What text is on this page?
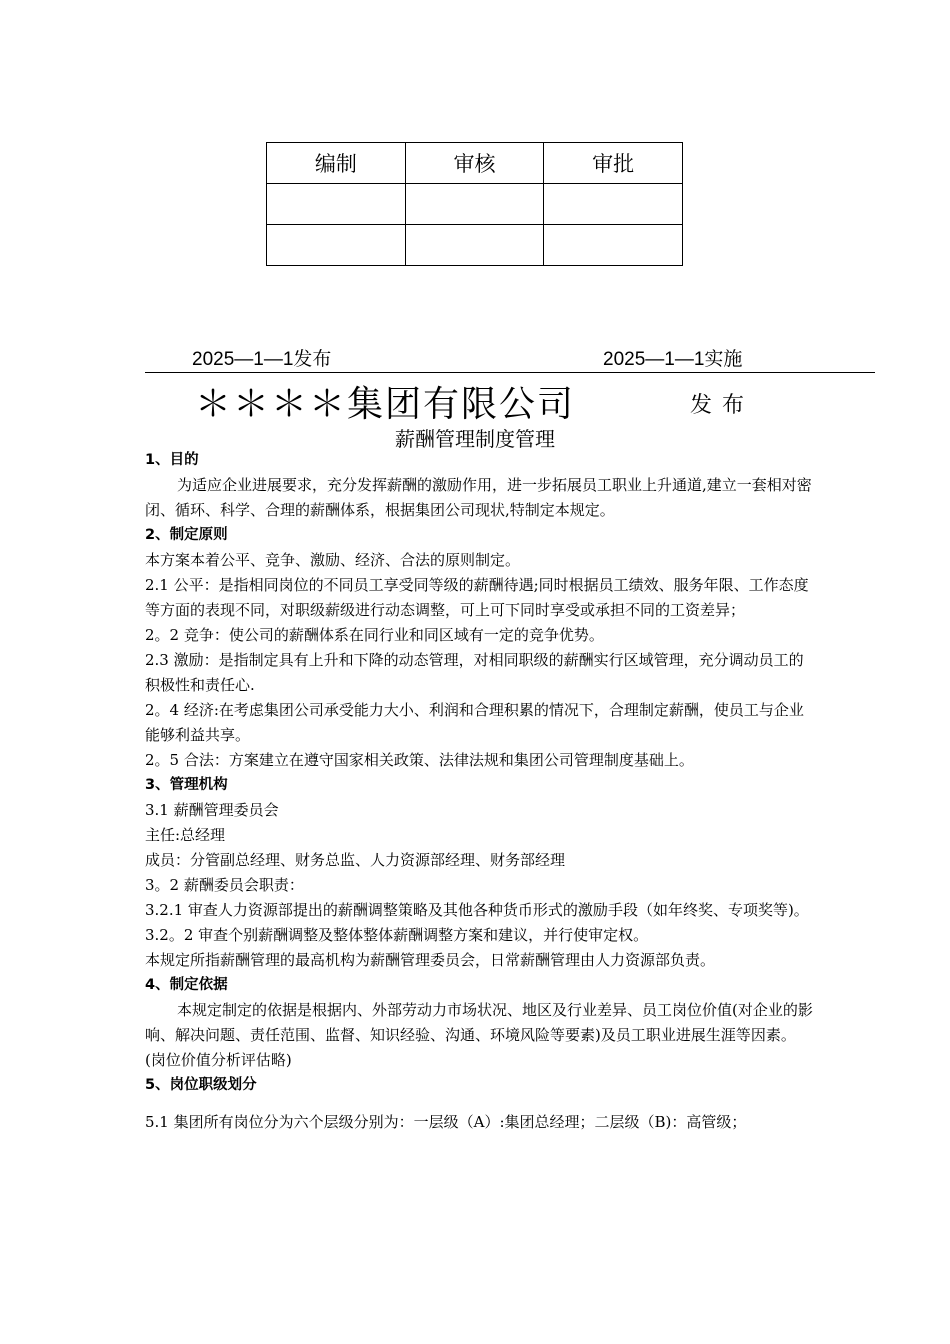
编制	审核	审批

2025—1—1发布	2025—1—1实施
＊＊＊＊集团有限公司	发布
薪酬管理制度管理

1、目的

为适应企业进展要求，充分发挥薪酬的激励作用，进一步拓展员工职业上升通道,建立一套相对密闭、循环、科学、合理的薪酬体系，根据集团公司现状,特制定本规定。

2、制定原则

本方案本着公平、竞争、激励、经济、合法的原则制定。

2.1 公平：是指相同岗位的不同员工享受同等级的薪酬待遇;同时根据员工绩效、服务年限、工作态度等方面的表现不同，对职级薪级进行动态调整，可上可下同时享受或承担不同的工资差异；

2。2 竞争：使公司的薪酬体系在同行业和同区域有一定的竞争优势。

2.3 激励：是指制定具有上升和下降的动态管理，对相同职级的薪酬实行区域管理，充分调动员工的积极性和责任心.

2。4 经济:在考虑集团公司承受能力大小、利润和合理积累的情况下，合理制定薪酬，使员工与企业能够利益共享。

2。5 合法：方案建立在遵守国家相关政策、法律法规和集团公司管理制度基础上。

3、管理机构

3.1 薪酬管理委员会

主任:总经理

成员：分管副总经理、财务总监、人力资源部经理、财务部经理

3。2 薪酬委员会职责：

3.2.1 审查人力资源部提出的薪酬调整策略及其他各种货币形式的激励手段（如年终奖、专项奖等)。

3.2。2 审查个别薪酬调整及整体整体薪酬调整方案和建议，并行使审定权。

本规定所指薪酬管理的最高机构为薪酬管理委员会，日常薪酬管理由人力资源部负责。

4、制定依据

本规定制定的依据是根据内、外部劳动力市场状况、地区及行业差异、员工岗位价值(对企业的影响、解决问题、责任范围、监督、知识经验、沟通、环境风险等要素)及员工职业进展生涯等因素。(岗位价值分析评估略)

5、岗位职级划分

5.1 集团所有岗位分为六个层级分别为：一层级（A）:集团总经理；二层级（B)：高管级；
